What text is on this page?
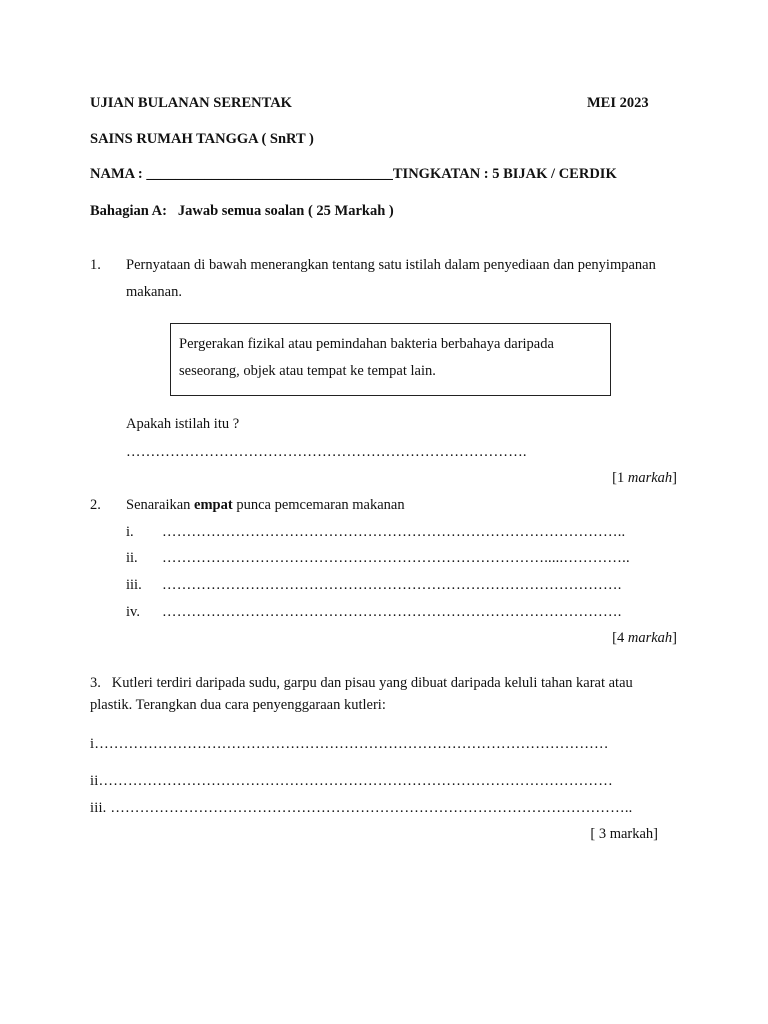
UJIAN BULANAN SERENTAK	MEI 2023
SAINS RUMAH TANGGA ( SnRT )
NAMA : __________________________________TINGKATAN : 5 BIJAK / CERDIK
Bahagian A: Jawab semua soalan ( 25 Markah )
1. Pernyataan di bawah menerangkan tentang satu istilah dalam penyediaan dan penyimpanan
makanan.
Pergerakan fizikal atau pemindahan bakteria berbahaya daripada
seseorang, objek atau tempat ke tempat lain.
Apakah istilah itu ?
……………………………………………………………………….
[1 markah]
2. Senaraikan empat punca pemcemaran makanan
i. …………………………………………………………………………………..
ii. …………………………………………………………………….....…………..
iii. ………………………………………………………………………………….
iv. ………………………………………………………………………………….
[4 markah]
3. Kutleri terdiri daripada sudu, garpu dan pisau yang dibuat daripada keluli tahan karat atau
plastik. Terangkan dua cara penyenggaraan kutleri:
i……………………………………………………………………………………………
ii……………………………………………………………………………………………
iii. ……………………………………………………………………………………………..
[ 3 markah]
